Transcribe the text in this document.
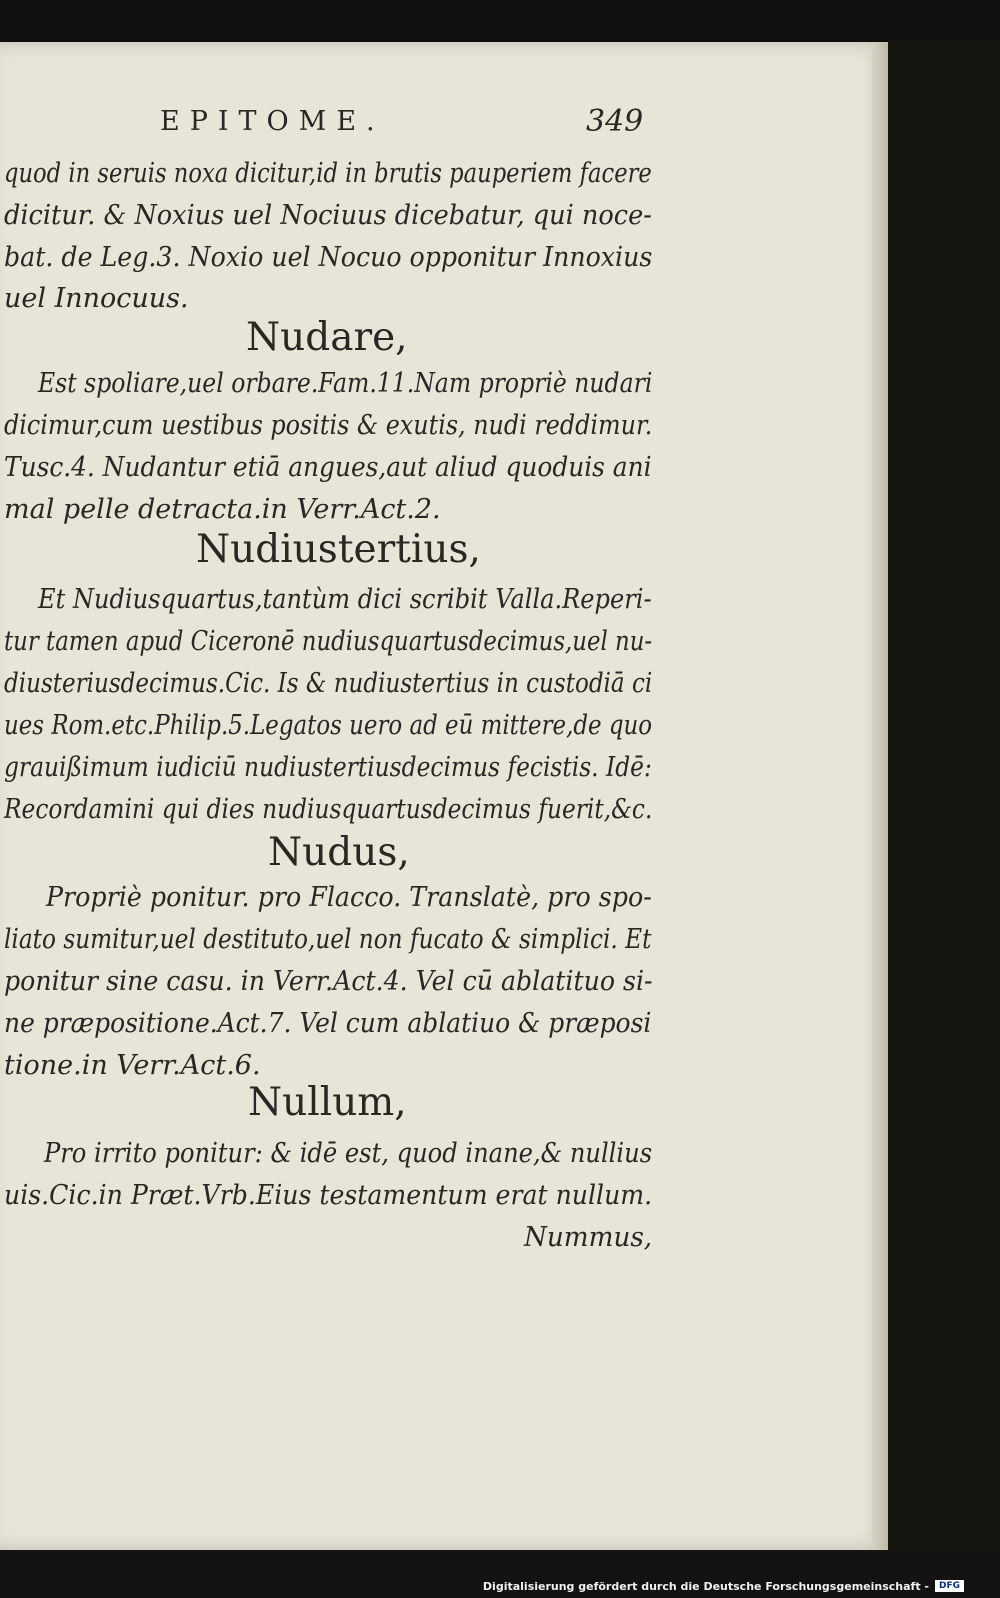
EPITOME.	349
quod in seruis noxa dicitur,id in brutis pauperiem facere
dicitur. & Noxius uel Nociuus dicebatur, qui noce-
bat. de Leg.3. Noxio uel Nocuo opponitur Innoxius
uel Innocuus.
Nudare,
Est spoliare,uel orbare.Fam.11.Nam propriè nudari
dicimur,cum uestibus positis & exutis, nudi reddimur.
Tusc.4. Nudantur etiā angues,aut aliud quoduis ani
mal pelle detracta.in Verr.Act.2.
Nudiustertius,
Et Nudiusquartus,tantùm dici scribit Valla.Reperi-
tur tamen apud Ciceronē nudiusquartusdecimus,uel nu-
diusteriusdecimus.Cic. Is & nudiustertius in custodiā ci
ues Rom.etc.Philip.5.Legatos uero ad eū mittere,de quo
grauißimum iudiciū nudiustertiusdecimus fecistis. Idē:
Recordamini qui dies nudiusquartusdecimus fuerit,&c.
Nudus,
Propriè ponitur. pro Flacco. Translatè, pro spo-
liato sumitur,uel destituto,uel non fucato & simplici. Et
ponitur sine casu. in Verr.Act.4. Vel cū ablatituo si-
ne præpositione.Act.7. Vel cum ablatiuo & præposi
tione.in Verr.Act.6.
Nullum,
Pro irrito ponitur: & idē est, quod inane,& nullius
uis.Cic.in Præt.Vrb.Eius testamentum erat nullum.
Nummus,
Digitalisierung gefördert durch die Deutsche Forschungsgemeinschaft -	DFG
